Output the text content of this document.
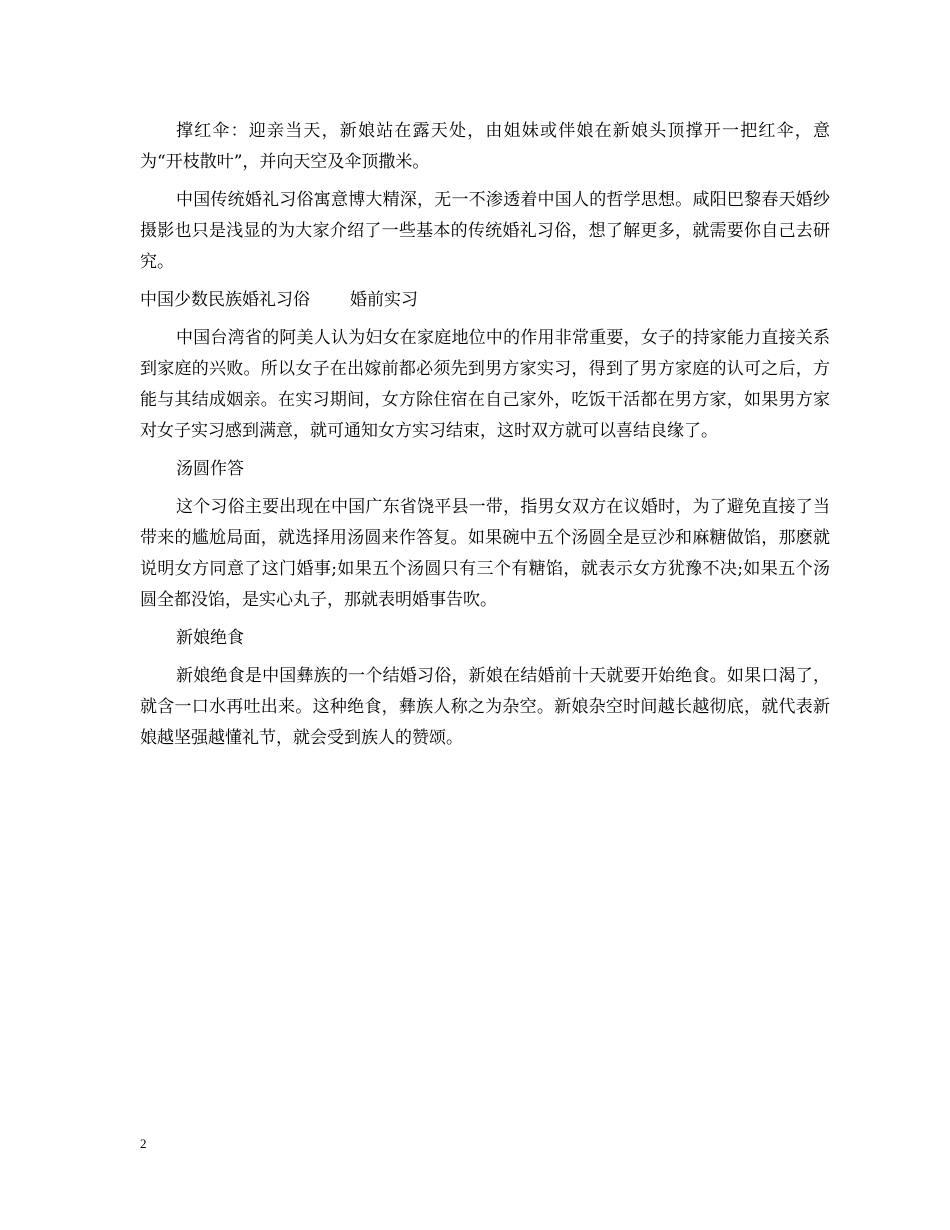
撑红伞：迎亲当天，新娘站在露天处，由姐妹或伴娘在新娘头顶撑开一把红伞，意为“开枝散叶”，并向天空及伞顶撒米。

中国传统婚礼习俗寓意博大精深，无一不渗透着中国人的哲学思想。咸阳巴黎春天婚纱摄影也只是浅显的为大家介绍了一些基本的传统婚礼习俗，想了解更多，就需要你自己去研究。

中国少数民族婚礼习俗 婚前实习

中国台湾省的阿美人认为妇女在家庭地位中的作用非常重要，女子的持家能力直接关系到家庭的兴败。所以女子在出嫁前都必须先到男方家实习，得到了男方家庭的认可之后，方能与其结成姻亲。在实习期间，女方除住宿在自己家外，吃饭干活都在男方家，如果男方家对女子实习感到满意，就可通知女方实习结束，这时双方就可以喜结良缘了。

汤圆作答

这个习俗主要出现在中国广东省饶平县一带，指男女双方在议婚时，为了避免直接了当带来的尴尬局面，就选择用汤圆来作答复。如果碗中五个汤圆全是豆沙和麻糖做馅，那麽就说明女方同意了这门婚事;如果五个汤圆只有三个有糖馅，就表示女方犹豫不决;如果五个汤圆全都没馅，是实心丸子，那就表明婚事告吹。

新娘绝食

新娘绝食是中国彝族的一个结婚习俗，新娘在结婚前十天就要开始绝食。如果口渴了，就含一口水再吐出来。这种绝食，彝族人称之为杂空。新娘杂空时间越长越彻底，就代表新娘越坚强越懂礼节，就会受到族人的赞颂。

2
